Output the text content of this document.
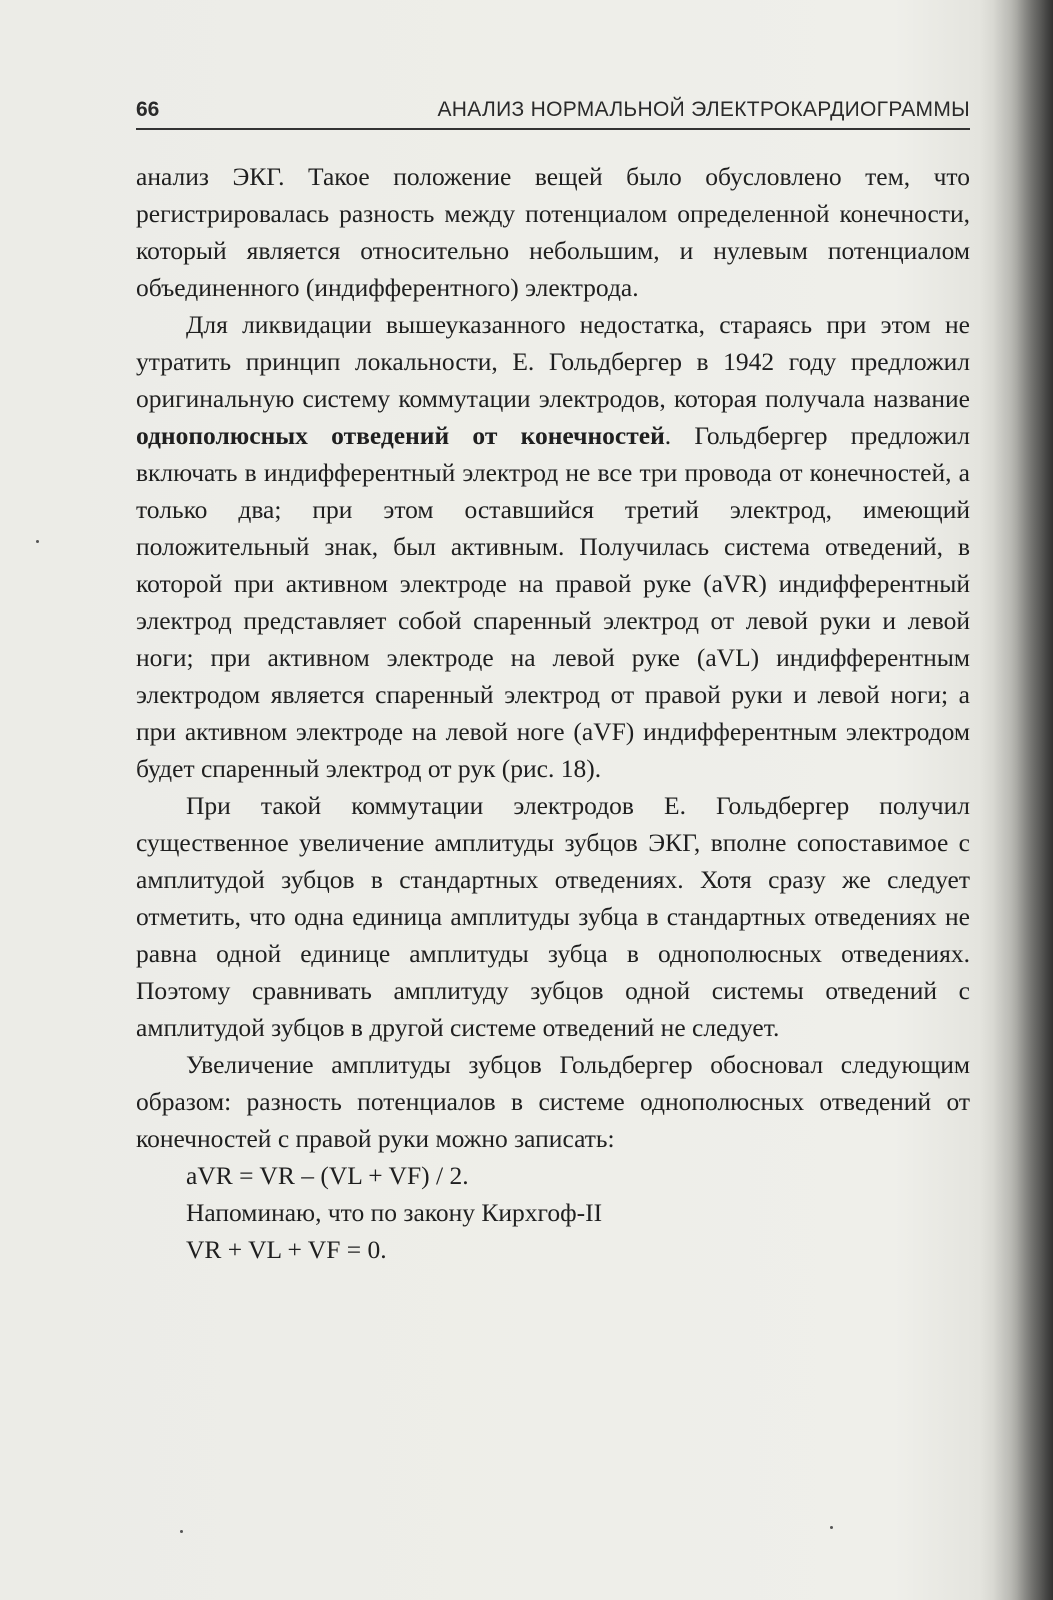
66	АНАЛИЗ НОРМАЛЬНОЙ ЭЛЕКТРОКАРДИОГРАММЫ

анализ ЭКГ. Такое положение вещей было обусловлено тем, что регистрировалась разность между потенциалом определенной конечности, который является относительно небольшим, и нулевым потенциалом объединенного (индифферентного) электрода.

Для ликвидации вышеуказанного недостатка, стараясь при этом не утратить принцип локальности, Е. Гольдбергер в 1942 году предложил оригинальную систему коммутации электродов, которая получала название однополюсных отведений от конечностей. Гольдбергер предложил включать в индифферентный электрод не все три провода от конечностей, а только два; при этом оставшийся третий электрод, имеющий положительный знак, был активным. Получилась система отведений, в которой при активном электроде на правой руке (aVR) индифферентный электрод представляет собой спаренный электрод от левой руки и левой ноги; при активном электроде на левой руке (aVL) индифферентным электродом является спаренный электрод от правой руки и левой ноги; а при активном электроде на левой ноге (aVF) индифферентным электродом будет спаренный электрод от рук (рис. 18).

При такой коммутации электродов Е. Гольдбергер получил существенное увеличение амплитуды зубцов ЭКГ, вполне сопоставимое с амплитудой зубцов в стандартных отведениях. Хотя сразу же следует отметить, что одна единица амплитуды зубца в стандартных отведениях не равна одной единице амплитуды зубца в однополюсных отведениях. Поэтому сравнивать амплитуду зубцов одной системы отведений с амплитудой зубцов в другой системе отведений не следует.

Увеличение амплитуды зубцов Гольдбергер обосновал следующим образом: разность потенциалов в системе однополюсных отведений от конечностей с правой руки можно записать:

aVR = VR – (VL + VF) / 2.

Напоминаю, что по закону Кирхгоф-II

VR + VL + VF = 0.
